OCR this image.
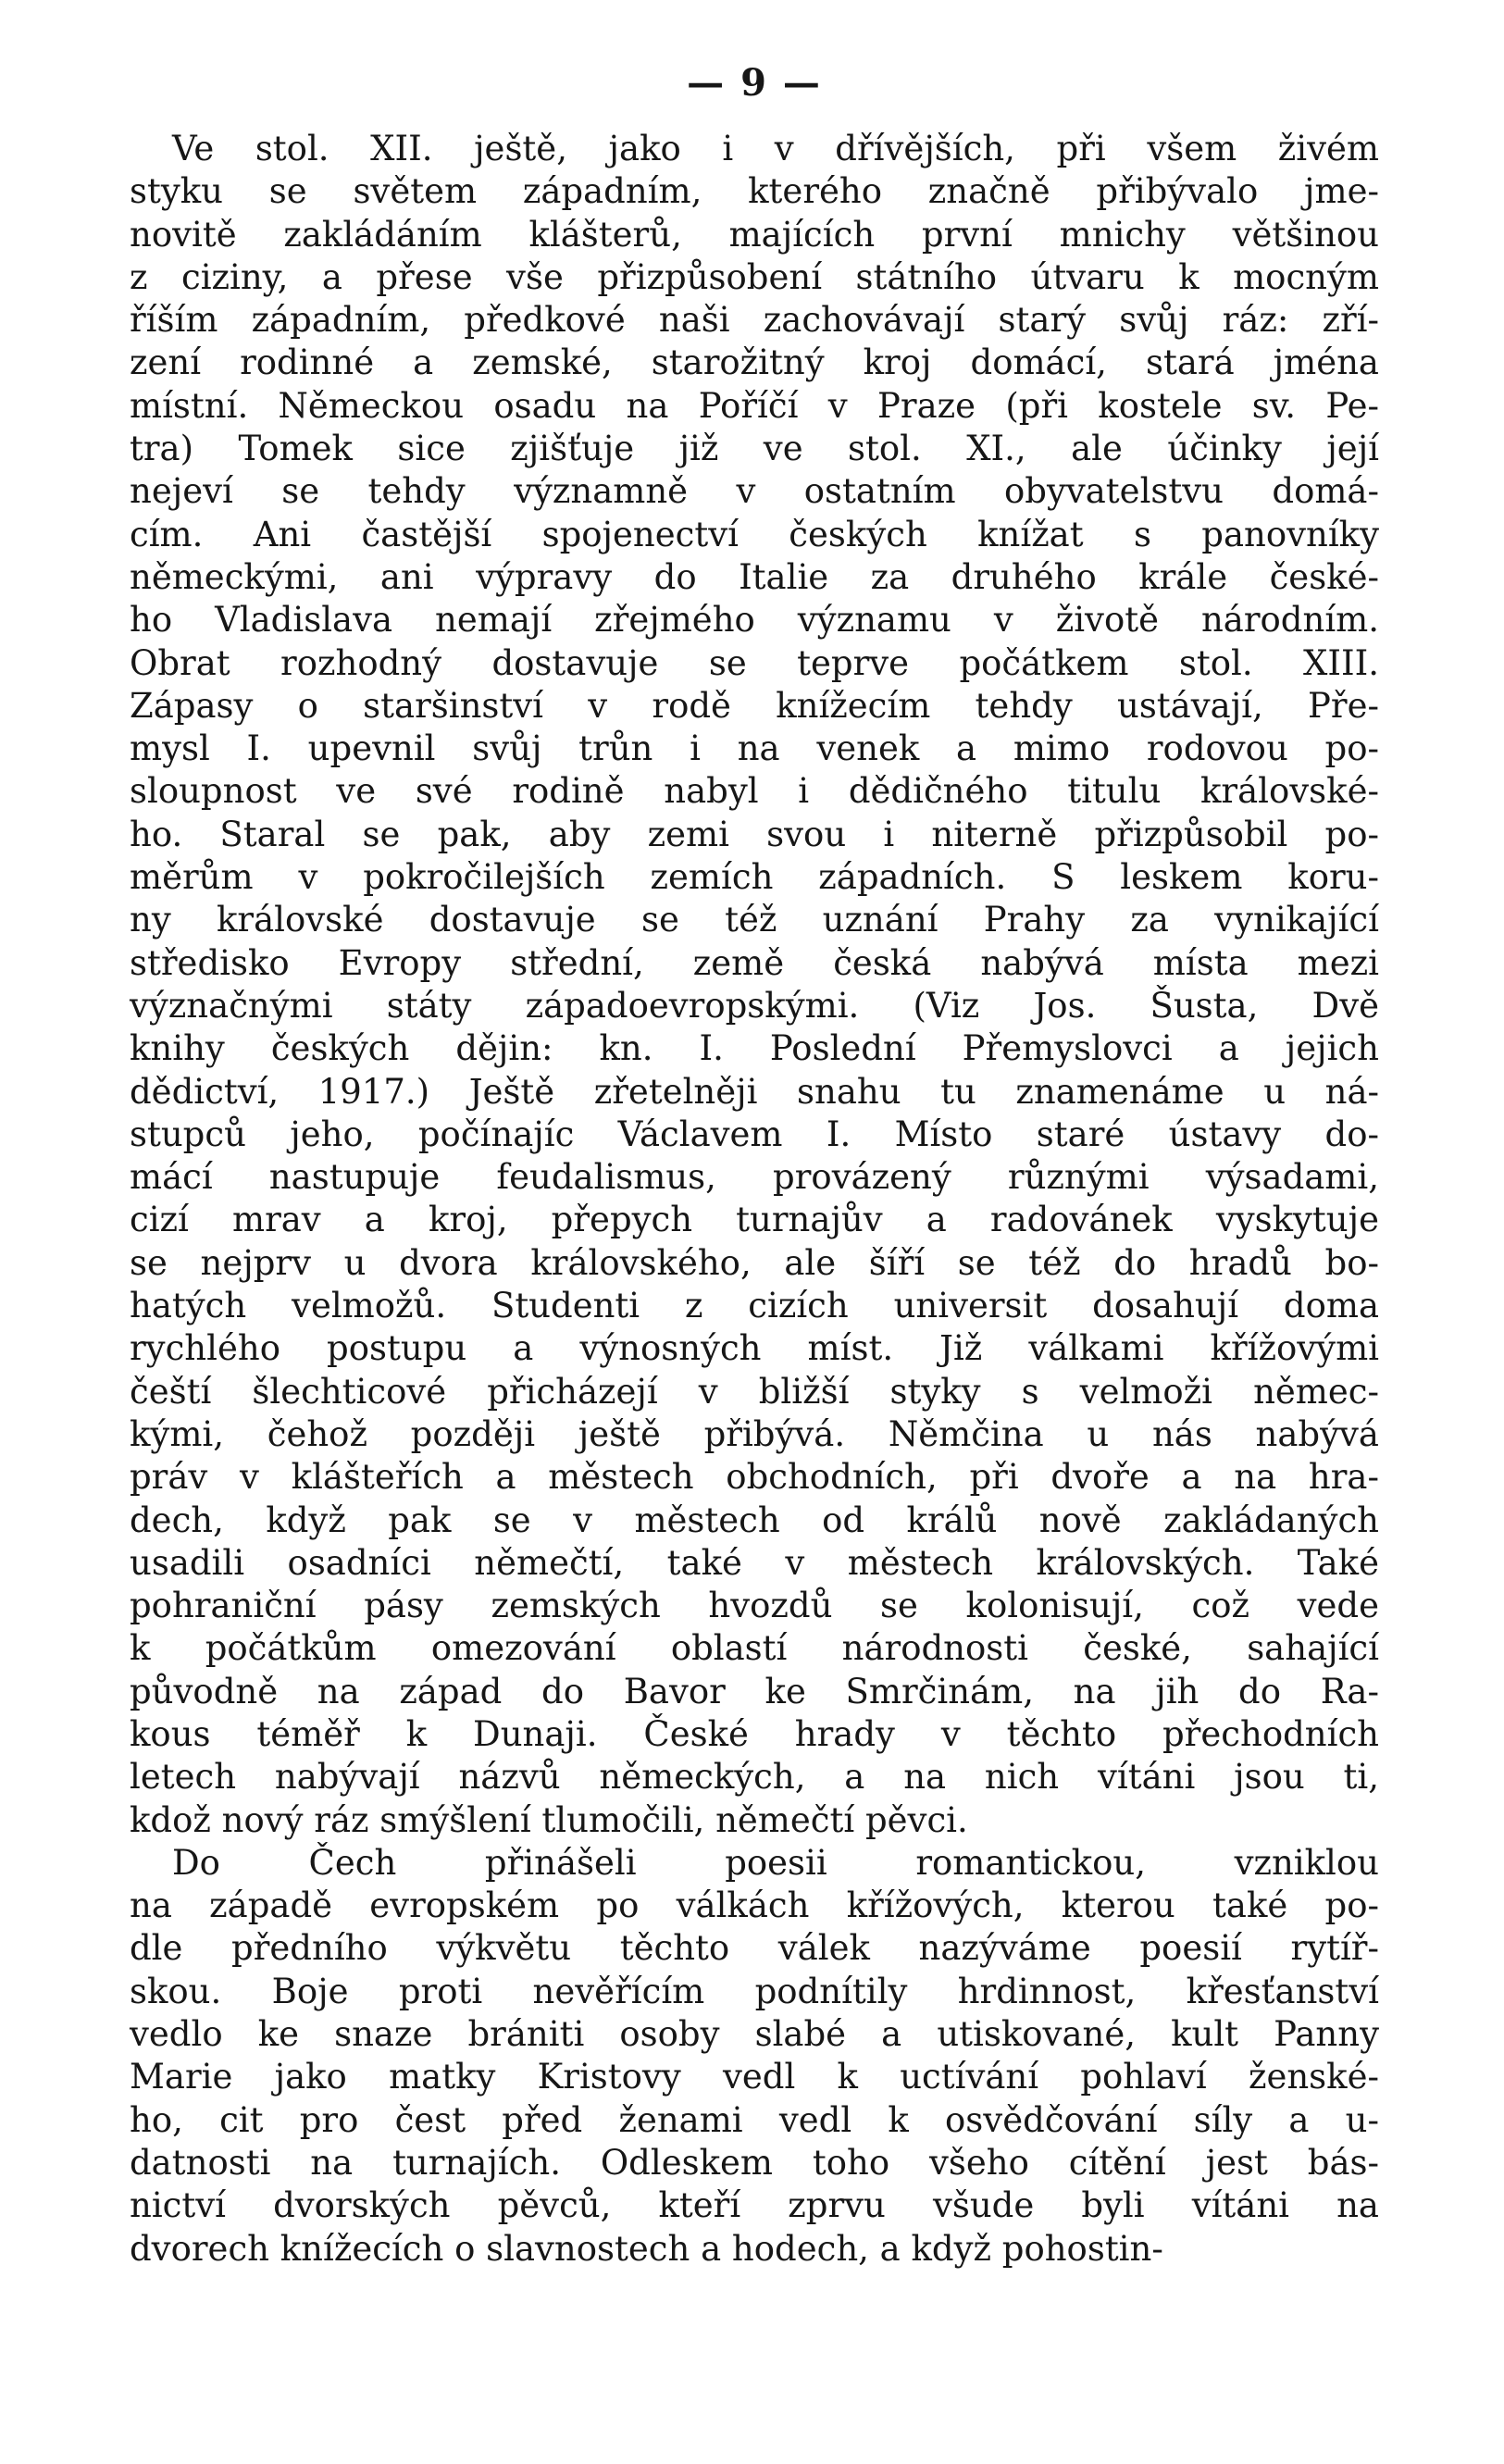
— 9 —
Ve stol. XII. ještě, jako i v dřívějších, při všem živém
styku se světem západním, kterého značně přibývalo jme-
novitě zakládáním klášterů, majících první mnichy většinou
z ciziny, a přese vše přizpůsobení státního útvaru k mocným
říším západním, předkové naši zachovávají starý svůj ráz: zří-
zení rodinné a zemské, starožitný kroj domácí, stará jména
místní. Německou osadu na Poříčí v Praze (při kostele sv. Pe-
tra) Tomek sice zjišťuje již ve stol. XI., ale účinky její
nejeví se tehdy významně v ostatním obyvatelstvu domá-
cím. Ani častější spojenectví českých knížat s panovníky
německými, ani výpravy do Italie za druhého krále české-
ho Vladislava nemají zřejmého významu v životě národním.
Obrat rozhodný dostavuje se teprve počátkem stol. XIII.
Zápasy o staršinství v rodě knížecím tehdy ustávají, Pře-
mysl I. upevnil svůj trůn i na venek a mimo rodovou po-
sloupnost ve své rodině nabyl i dědičného titulu královské-
ho. Staral se pak, aby zemi svou i niterně přizpůsobil po-
měrům v pokročilejších zemích západních. S leskem koru-
ny královské dostavuje se též uznání Prahy za vynikající
středisko Evropy střední, země česká nabývá místa mezi
význačnými státy západoevropskými. (Viz Jos. Šusta, Dvě
knihy českých dějin: kn. I. Poslední Přemyslovci a jejich
dědictví, 1917.) Ještě zřetelněji snahu tu znamenáme u ná-
stupců jeho, počínajíc Václavem I. Místo staré ústavy do-
mácí nastupuje feudalismus, provázený různými výsadami,
cizí mrav a kroj, přepych turnajův a radovánek vyskytuje
se nejprv u dvora královského, ale šíří se též do hradů bo-
hatých velmožů. Studenti z cizích universit dosahují doma
rychlého postupu a výnosných míst. Již válkami křížovými
čeští šlechticové přicházejí v bližší styky s velmoži němec-
kými, čehož později ještě přibývá. Němčina u nás nabývá
práv v klášteřích a městech obchodních, při dvoře a na hra-
dech, když pak se v městech od králů nově zakládaných
usadili osadníci němečtí, také v městech královských. Také
pohraniční pásy zemských hvozdů se kolonisují, což vede
k počátkům omezování oblastí národnosti české, sahající
původně na západ do Bavor ke Smrčinám, na jih do Ra-
kous téměř k Dunaji. České hrady v těchto přechodních
letech nabývají názvů německých, a na nich vítáni jsou ti,
kdož nový ráz smýšlení tlumočili, němečtí pěvci.
Do Čech přinášeli poesii romantickou, vzniklou
na západě evropském po válkách křížových, kterou také po-
dle předního výkvětu těchto válek nazýváme poesií rytíř-
skou. Boje proti nevěřícím podnítily hrdinnost, křesťanství
vedlo ke snaze brániti osoby slabé a utiskované, kult Panny
Marie jako matky Kristovy vedl k uctívání pohlaví ženské-
ho, cit pro čest před ženami vedl k osvědčování síly a u-
datnosti na turnajích. Odleskem toho všeho cítění jest bás-
nictví dvorských pěvců, kteří zprvu všude byli vítáni na
dvorech knížecích o slavnostech a hodech, a když pohostin-
